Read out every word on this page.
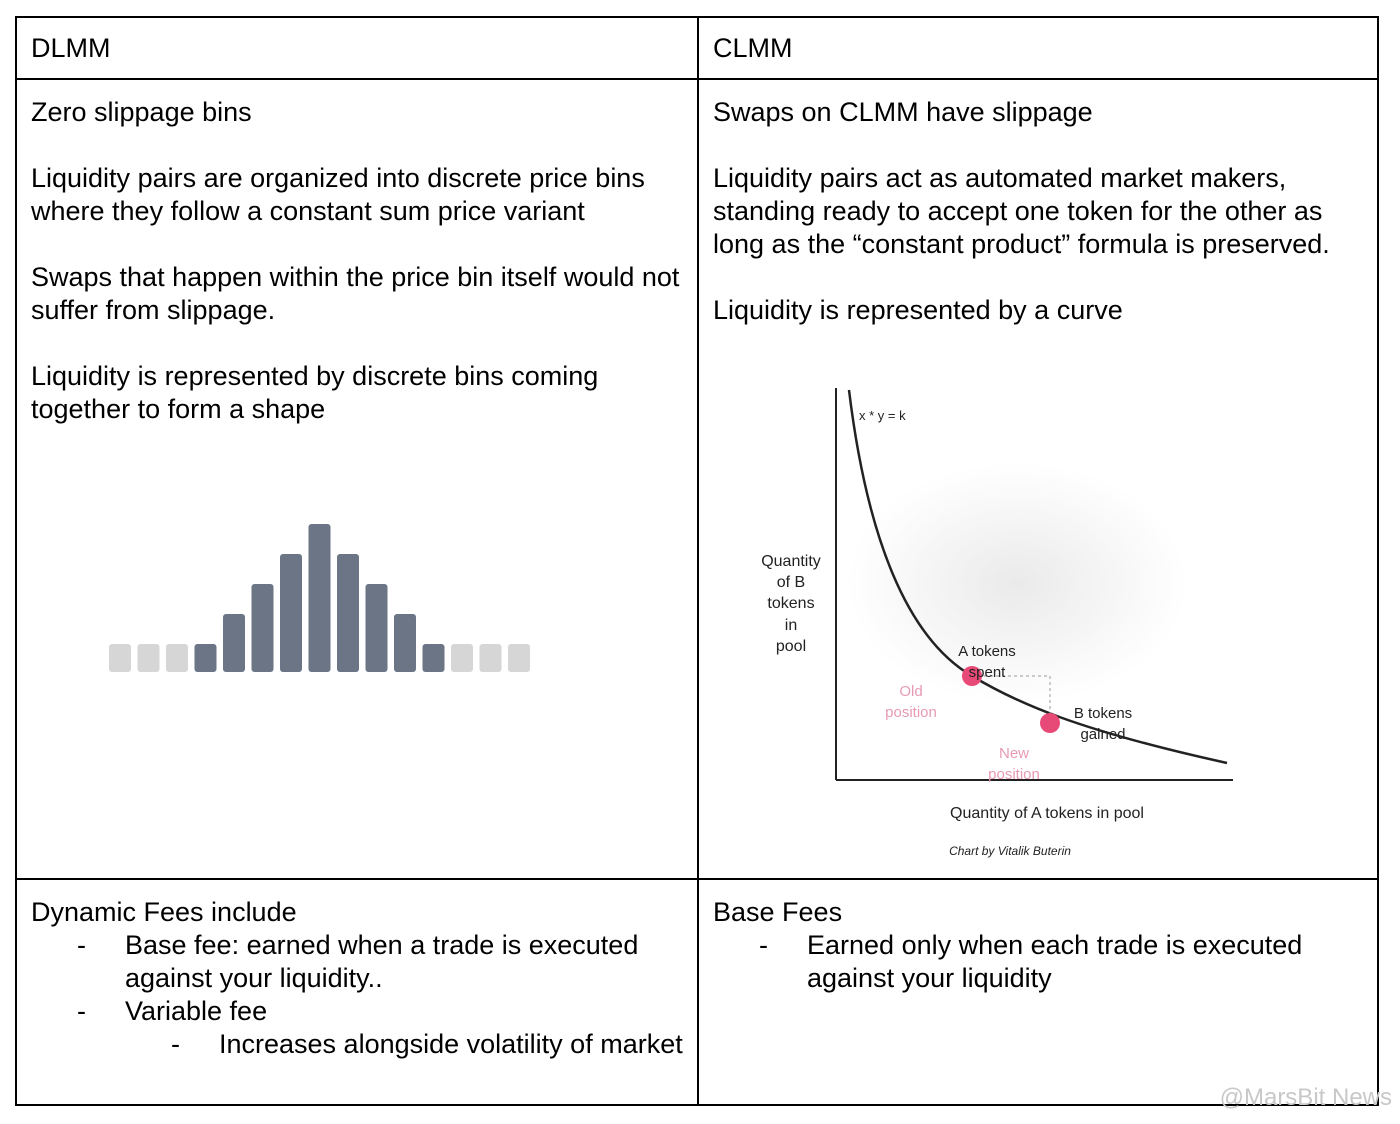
DLMM	CLMM

Zero slippage bins

Liquidity pairs are organized into discrete price bins where they follow a constant sum price variant

Swaps that happen within the price bin itself would not suffer from slippage.

Liquidity is represented by discrete bins coming together to form a shape

Swaps on CLMM have slippage

Liquidity pairs act as automated market makers, standing ready to accept one token for the other as long as the “constant product” formula is preserved.

Liquidity is represented by a curve

x * y = k
Quantity
of B
tokens
in
pool	A tokens
spent
B tokens
gained
Old
position
New
position
Quantity of A tokens in pool
Chart by Vitalik Buterin

Dynamic Fees include

- Base fee: earned when a trade is executed against your liquidity..
- Variable fee
- Increases alongside volatility of market

Base Fees

- Earned only when each trade is executed against your liquidity
@MarsBit News
